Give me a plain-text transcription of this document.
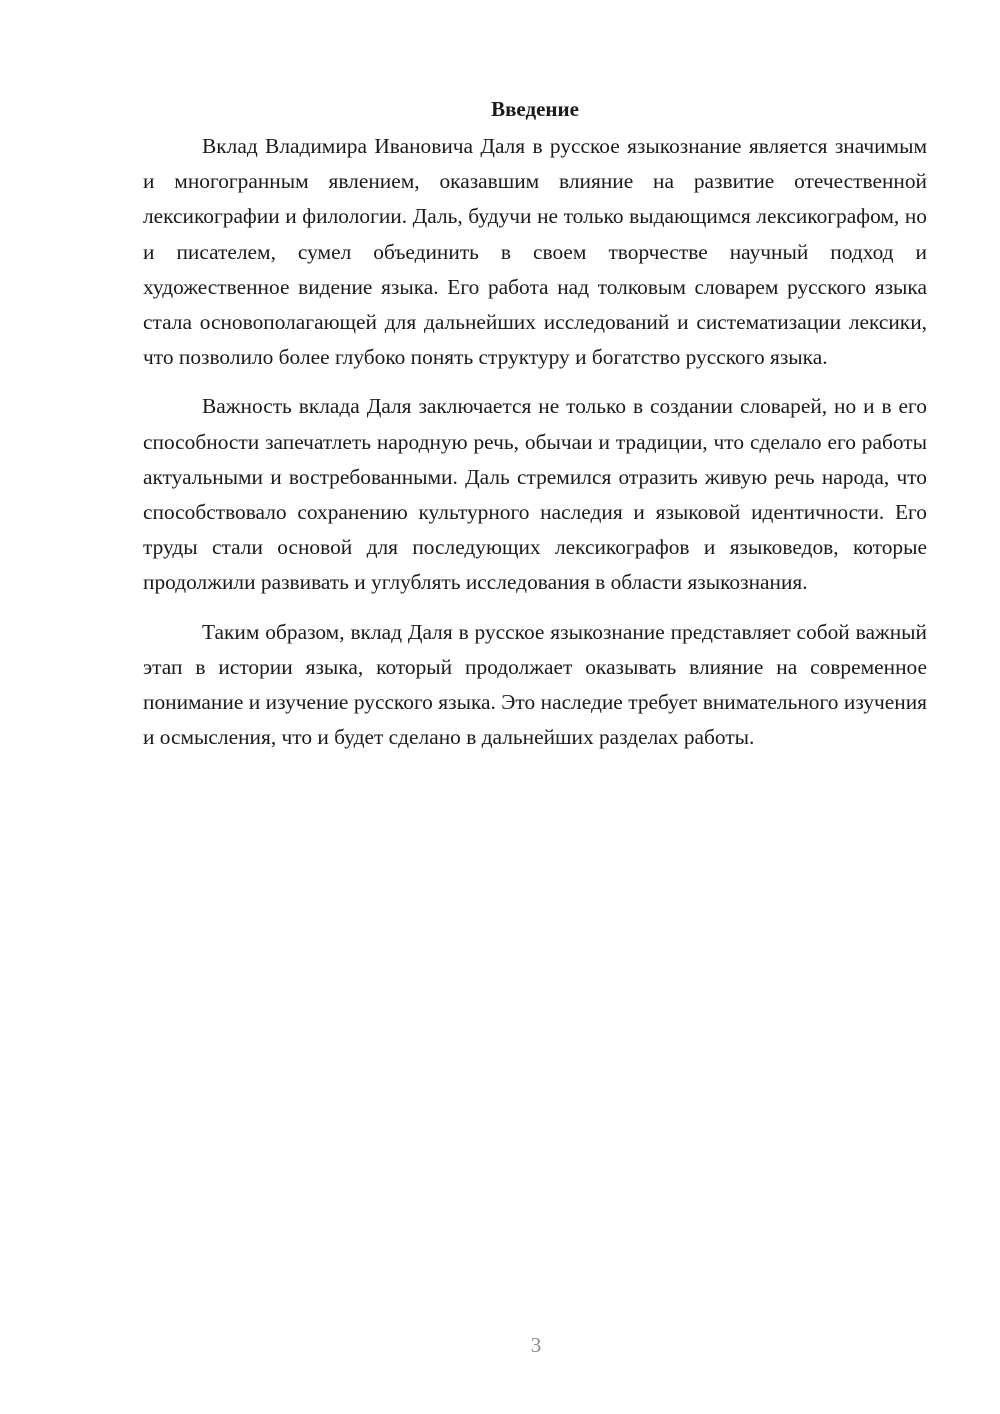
Введение

Вклад Владимира Ивановича Даля в русское языкознание является значимым и многогранным явлением, оказавшим влияние на развитие отечественной лексикографии и филологии. Даль, будучи не только выдающимся лексикографом, но и писателем, сумел объединить в своем творчестве научный подход и художественное видение языка. Его работа над толковым словарем русского языка стала основополагающей для дальнейших исследований и систематизации лексики, что позволило более глубоко понять структуру и богатство русского языка.

Важность вклада Даля заключается не только в создании словарей, но и в его способности запечатлеть народную речь, обычаи и традиции, что сделало его работы актуальными и востребованными. Даль стремился отразить живую речь народа, что способствовало сохранению культурного наследия и языковой идентичности. Его труды стали основой для последующих лексикографов и языковедов, которые продолжили развивать и углублять исследования в области языкознания.

Таким образом, вклад Даля в русское языкознание представляет собой важный этап в истории языка, который продолжает оказывать влияние на современное понимание и изучение русского языка. Это наследие требует внимательного изучения и осмысления, что и будет сделано в дальнейших разделах работы.

3
